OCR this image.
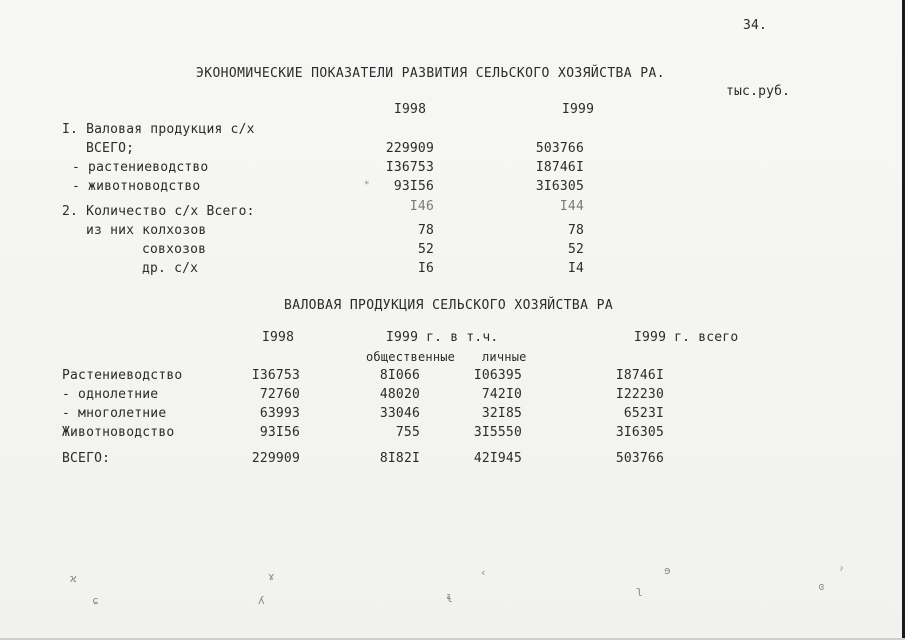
34.
ЭКОНОМИЧЕСКИЕ ПОКАЗАТЕЛИ РАЗВИТИЯ СЕЛЬСКОГО ХОЗЯЙСТВА РА.
тыс.руб.
I998	I999
I. Валовая продукция с/х
ВСЕГО;	229909	503766
- растениеводство	I36753	I8746I
- животноводство	93I56	3I6305
2. Количество с/х Всего:	I46	I44
из них колхозов	78	78
совхозов	52	52
др. с/х	I6	I4
ВАЛОВАЯ ПРОДУКЦИЯ СЕЛЬСКОГО ХОЗЯЙСТВА РА
I998	I999 г. в т.ч.	I999 г. всего
общественные личные
Растениеводство	I36753	8I066	I06395	I8746I
- однолетние	72760	48020	742I0	I22230
- многолетние	63993	33046	32I85	6523I
Животноводство	93I56	755	3I5550	3I6305
ВСЕГО:	229909	8I82I	42I945	503766
ϰ	ɤ	‹	ɘ	ˀ
ɕ	ʎ	ɬ
ʅ	ɞ
*
